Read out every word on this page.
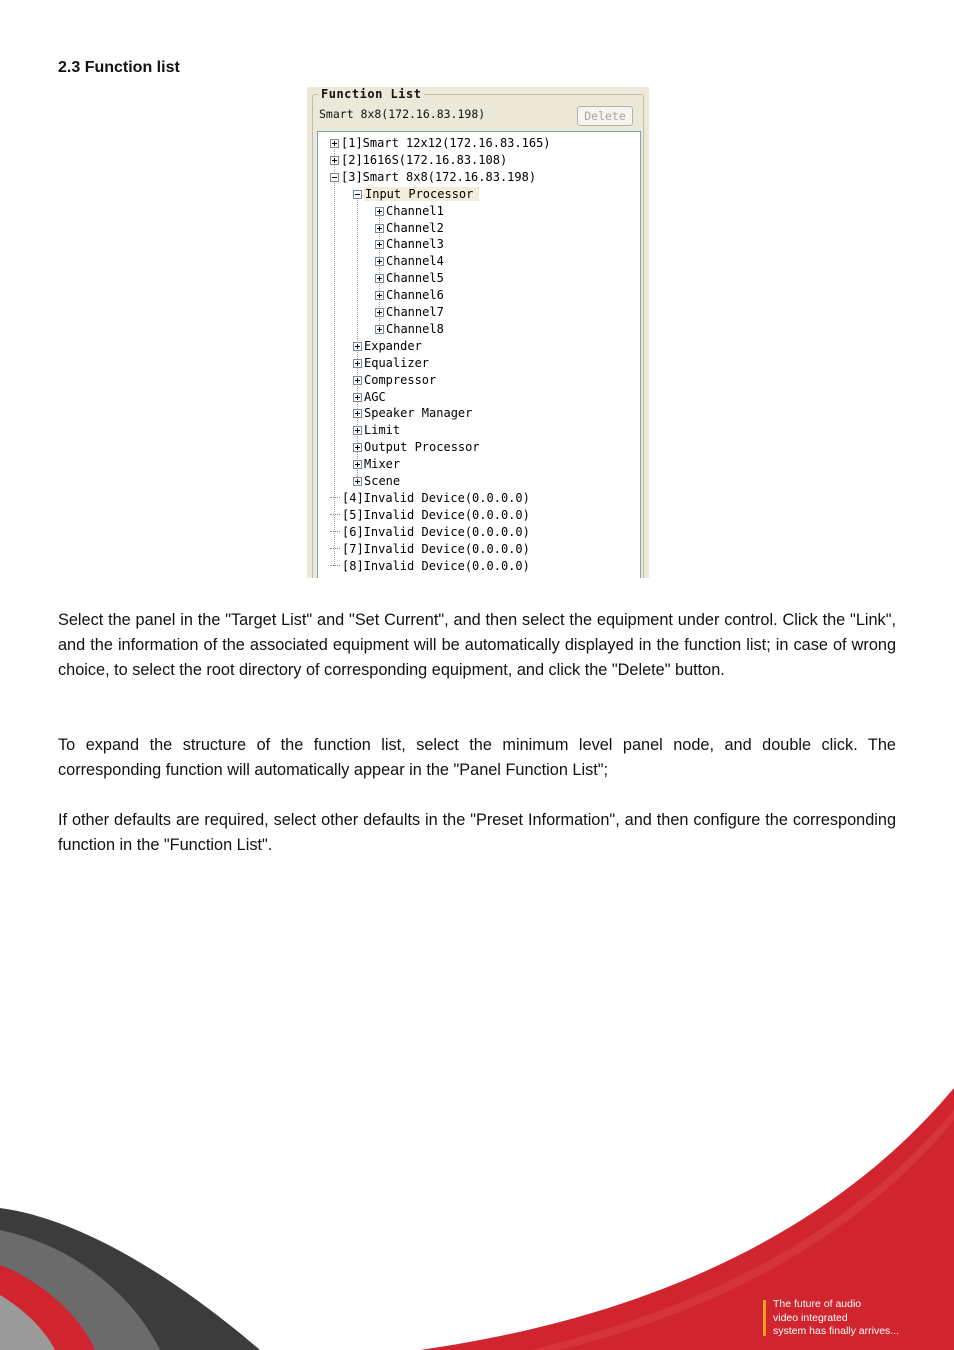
2.3 Function list
Function List
Smart 8x8(172.16.83.198)	Delete
[1]Smart 12x12(172.16.83.165)
[2]1616S(172.16.83.108)
[3]Smart 8x8(172.16.83.198)
Input Processor
Channel1
Channel2
Channel3
Channel4
Channel5
Channel6
Channel7
Channel8
Expander
Equalizer
Compressor
AGC
Speaker Manager
Limit
Output Processor
Mixer
Scene
[4]Invalid Device(0.0.0.0)
[5]Invalid Device(0.0.0.0)
[6]Invalid Device(0.0.0.0)
[7]Invalid Device(0.0.0.0)
[8]Invalid Device(0.0.0.0)

Select the panel in the "Target List" and "Set Current", and then select the equipment under control. Click the "Link", and the information of the associated equipment will be automatically displayed in the function list; in case of wrong choice, to select the root directory of corresponding equipment, and click the "Delete" button.

To expand the structure of the function list, select the minimum level panel node, and double click. The corresponding function will automatically appear in the "Panel Function List";

If other defaults are required, select other defaults in the "Preset Information", and then configure the corresponding function in the "Function List".

The future of audio
video integrated
system has finally arrives...
